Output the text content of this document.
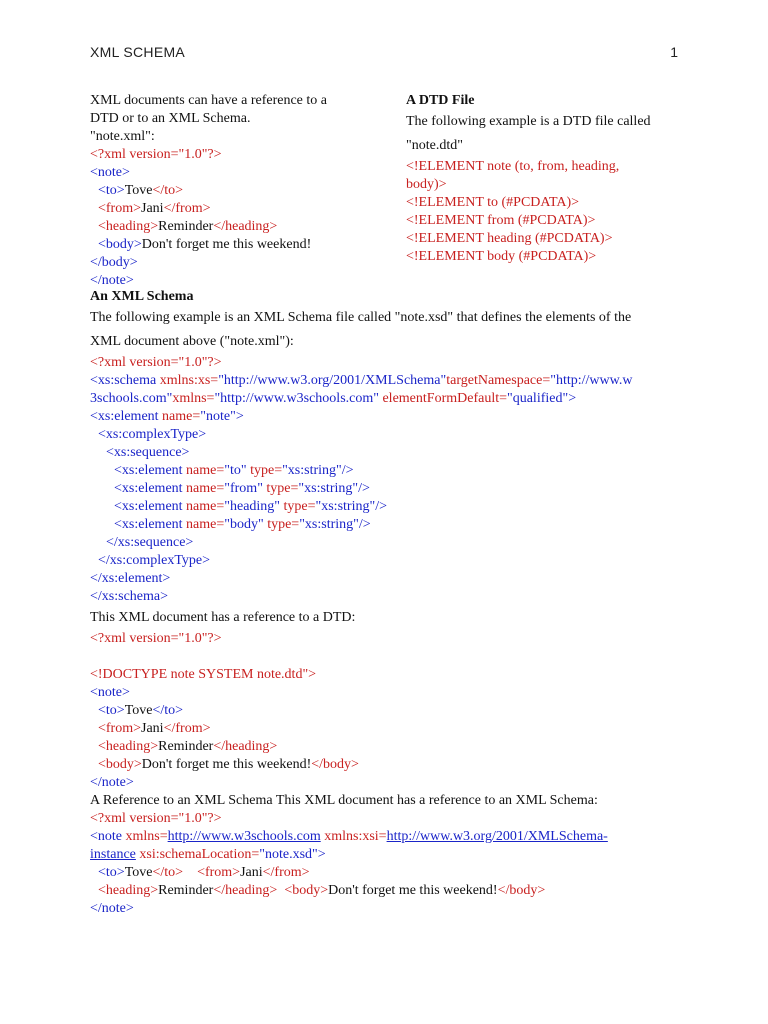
XML SCHEMA	1
XML documents can have a reference to a
DTD or to an XML Schema.
"note.xml":
<?xml version="1.0"?>
<note>
<to>Tove</to>
<from>Jani</from>
<heading>Reminder</heading>
<body>Don't forget me this weekend!
</body>
</note>
A DTD File
The following example is a DTD file called
"note.dtd"
<!ELEMENT note (to, from, heading,
body)>
<!ELEMENT to (#PCDATA)>
<!ELEMENT from (#PCDATA)>
<!ELEMENT heading (#PCDATA)>
<!ELEMENT body (#PCDATA)>
An XML Schema
The following example is an XML Schema file called "note.xsd" that defines the elements of the
XML document above ("note.xml"):
<?xml version="1.0"?>
<xs:schema xmlns:xs="http://www.w3.org/2001/XMLSchema"targetNamespace="http://www.w
3schools.com"xmlns="http://www.w3schools.com" elementFormDefault="qualified">
<xs:element name="note">
<xs:complexType>
<xs:sequence>
<xs:element name="to" type="xs:string"/>
<xs:element name="from" type="xs:string"/>
<xs:element name="heading" type="xs:string"/>
<xs:element name="body" type="xs:string"/>
</xs:sequence>
</xs:complexType>
</xs:element>
</xs:schema>
This XML document has a reference to a DTD:
<?xml version="1.0"?>
<!DOCTYPE note SYSTEM note.dtd">
<note>
<to>Tove</to>
<from>Jani</from>
<heading>Reminder</heading>
<body>Don't forget me this weekend!</body>
</note>
A Reference to an XML Schema This XML document has a reference to an XML Schema:
<?xml version="1.0"?>
<note xmlns=http://www.w3schools.com xmlns:xsi=http://www.w3.org/2001/XMLSchema-
instance xsi:schemaLocation="note.xsd">
<to>Tove</to> <from>Jani</from>
<heading>Reminder</heading> <body>Don't forget me this weekend!</body>
</note>
